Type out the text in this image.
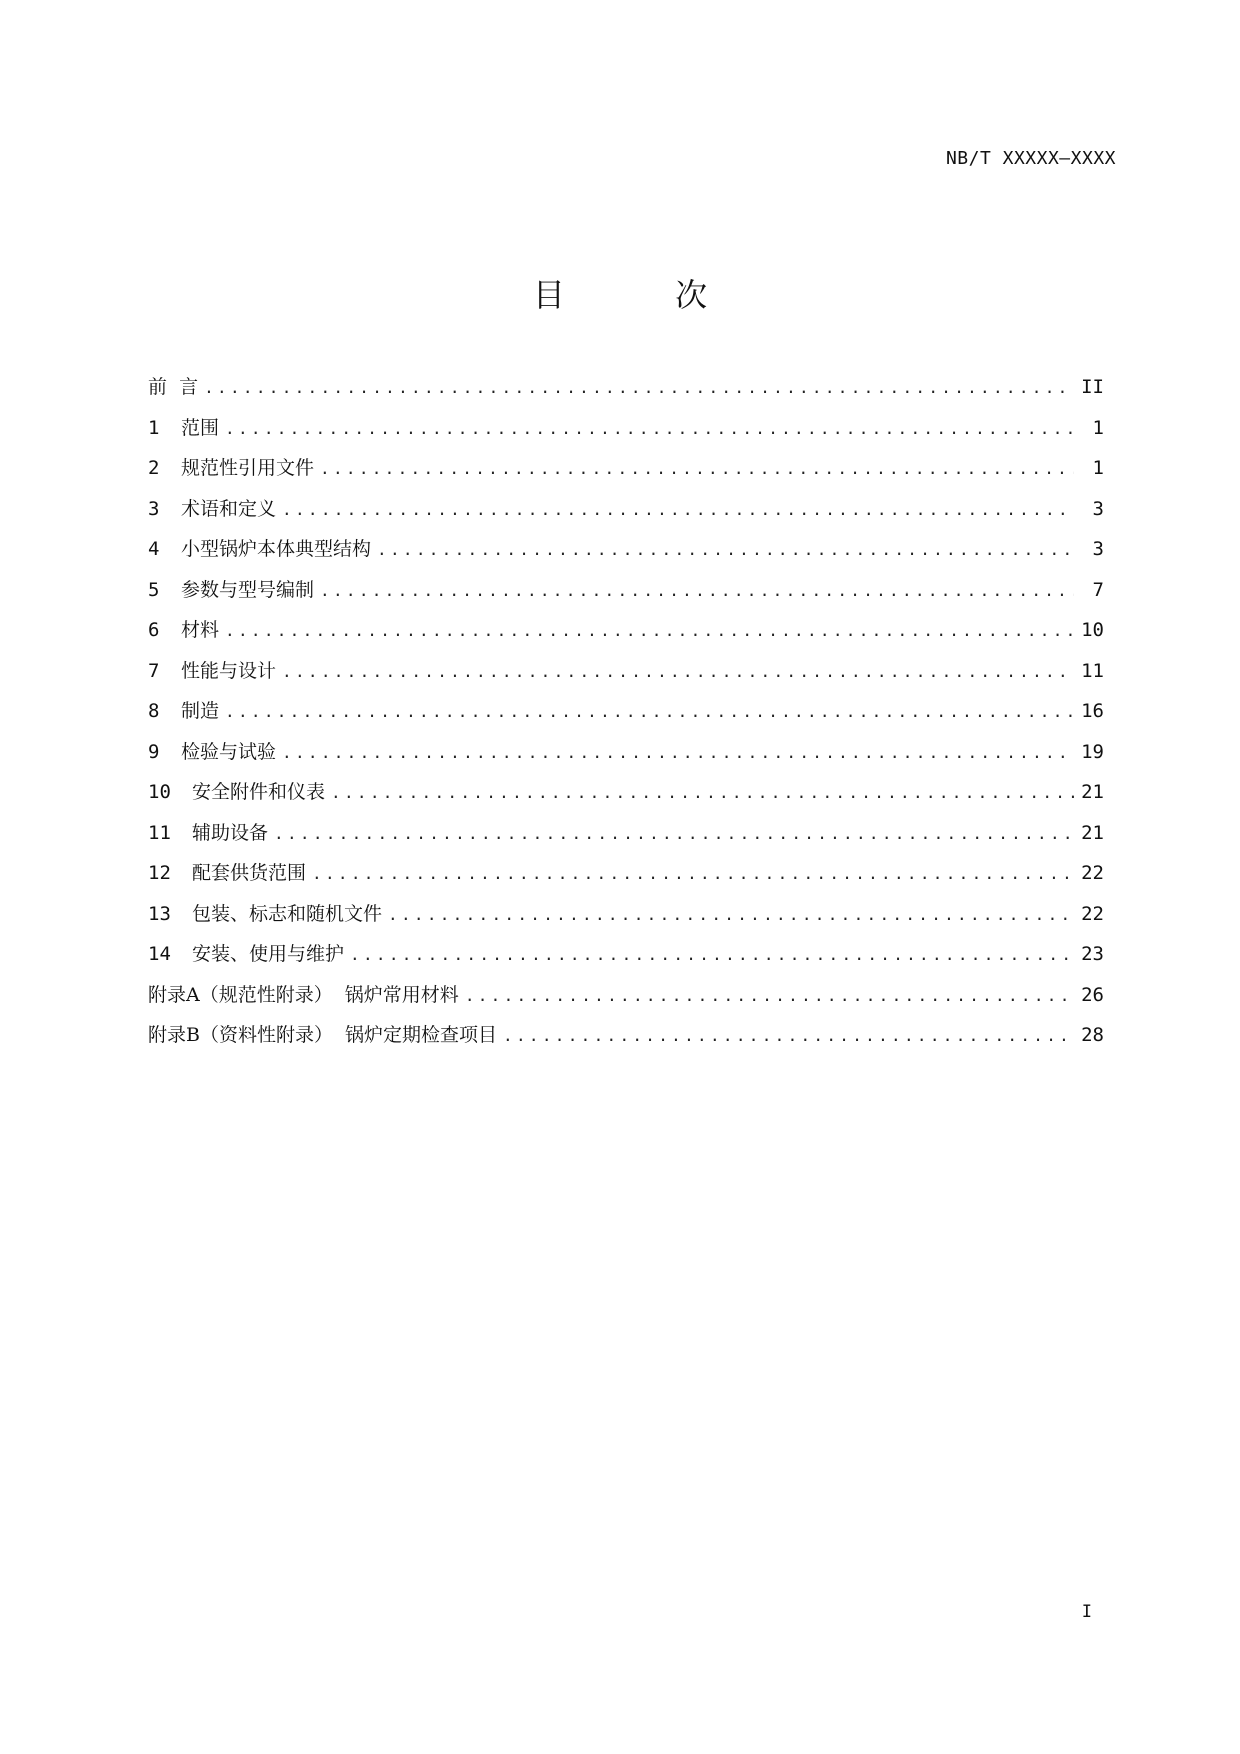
NB/T XXXXX—XXXX
目 次
前  言 .....	II
1	范围 .....	1
2	规范性引用文件 .....	1
3	术语和定义 .....	3
4	小型锅炉本体典型结构 .....	3
5	参数与型号编制 .....	7
6	材料 .....	10
7	性能与设计 .....	11
8	制造 .....	16
9	检验与试验 .....	19
10	安全附件和仪表 .....	21
11	辅助设备 .....	21
12	配套供货范围 .....	22
13	包装、标志和随机文件 .....	22
14	安装、使用与维护 .....	23
附录A（规范性附录）  锅炉常用材料 .....	26
附录B（资料性附录）  锅炉定期检查项目 .....	28
I
